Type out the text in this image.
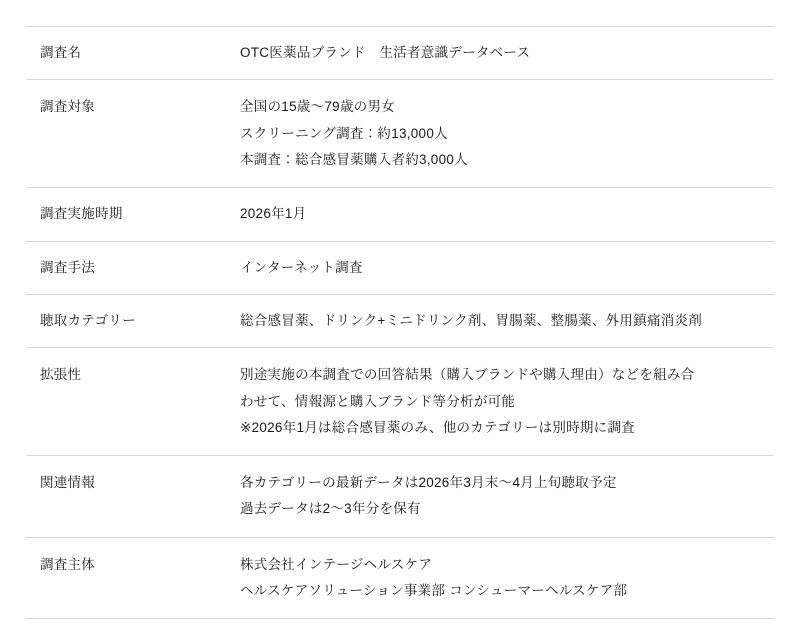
調査名	OTC医薬品ブランド　生活者意識データベース

調査対象	全国の15歳〜79歳の男女
スクリーニング調査：約13,000人
本調査：総合感冒薬購入者約3,000人

調査実施時期	2026年1月

調査手法	インターネット調査

聴取カテゴリー	総合感冒薬、ドリンク+ミニドリンク剤、胃腸薬、整腸薬、外用鎮痛消炎剤

拡張性	別途実施の本調査での回答結果（購入ブランドや購入理由）などを組み合
わせて、情報源と購入ブランド等分析が可能
※2026年1月は総合感冒薬のみ、他のカテゴリーは別時期に調査

関連情報	各カテゴリーの最新データは2026年3月末〜4月上旬聴取予定
過去データは2〜3年分を保有

調査主体	株式会社インテージヘルスケア
ヘルスケアソリューション事業部 コンシューマーヘルスケア部
